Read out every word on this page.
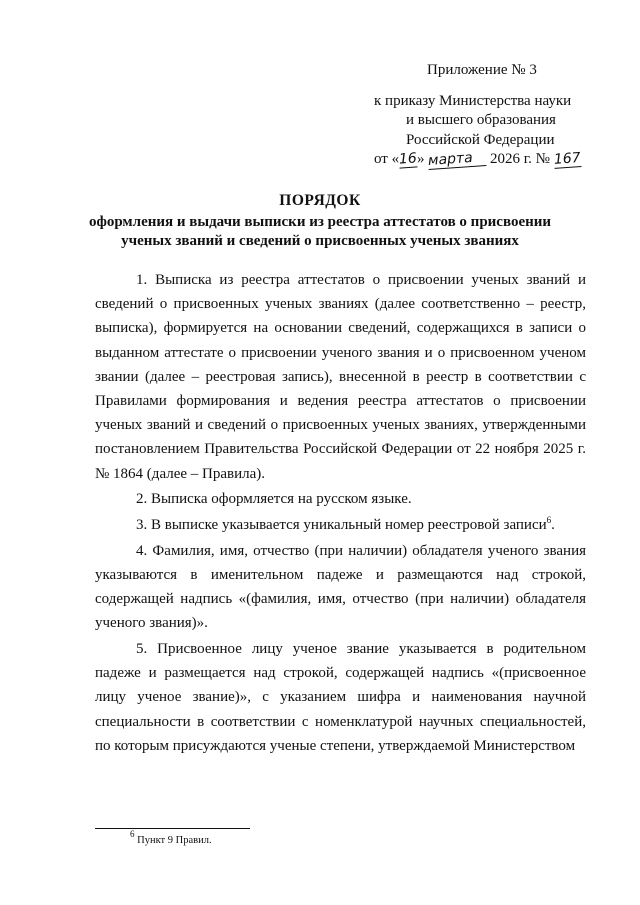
Приложение № 3
к приказу Министерства науки
и высшего образования
Российской Федерации
от «16» марта 2026 г. № 167
ПОРЯДОК
оформления и выдачи выписки из реестра аттестатов о присвоении
ученых званий и сведений о присвоенных ученых званиях

1. Выписка из реестра аттестатов о присвоении ученых званий и сведений о присвоенных ученых званиях (далее соответственно – реестр, выписка), формируется на основании сведений, содержащихся в записи о выданном аттестате о присвоении ученого звания и о присвоенном ученом звании (далее – реестровая запись), внесенной в реестр в соответствии с Правилами формирования и ведения реестра аттестатов о присвоении ученых званий и сведений о присвоенных ученых званиях, утвержденными постановлением Правительства Российской Федерации от 22 ноября 2025 г. № 1864 (далее – Правила).

2. Выписка оформляется на русском языке.

3. В выписке указывается уникальный номер реестровой записи$^6$.

4. Фамилия, имя, отчество (при наличии) обладателя ученого звания указываются в именительном падеже и размещаются над строкой, содержащей надпись «(фамилия, имя, отчество (при наличии) обладателя ученого звания)».

5. Присвоенное лицу ученое звание указывается в родительном падеже и размещается над строкой, содержащей надпись «(присвоенное лицу ученое звание)», с указанием шифра и наименования научной специальности в соответствии с номенклатурой научных специальностей, по которым присуждаются ученые степени, утверждаемой Министерством

$^6$ Пункт 9 Правил.
